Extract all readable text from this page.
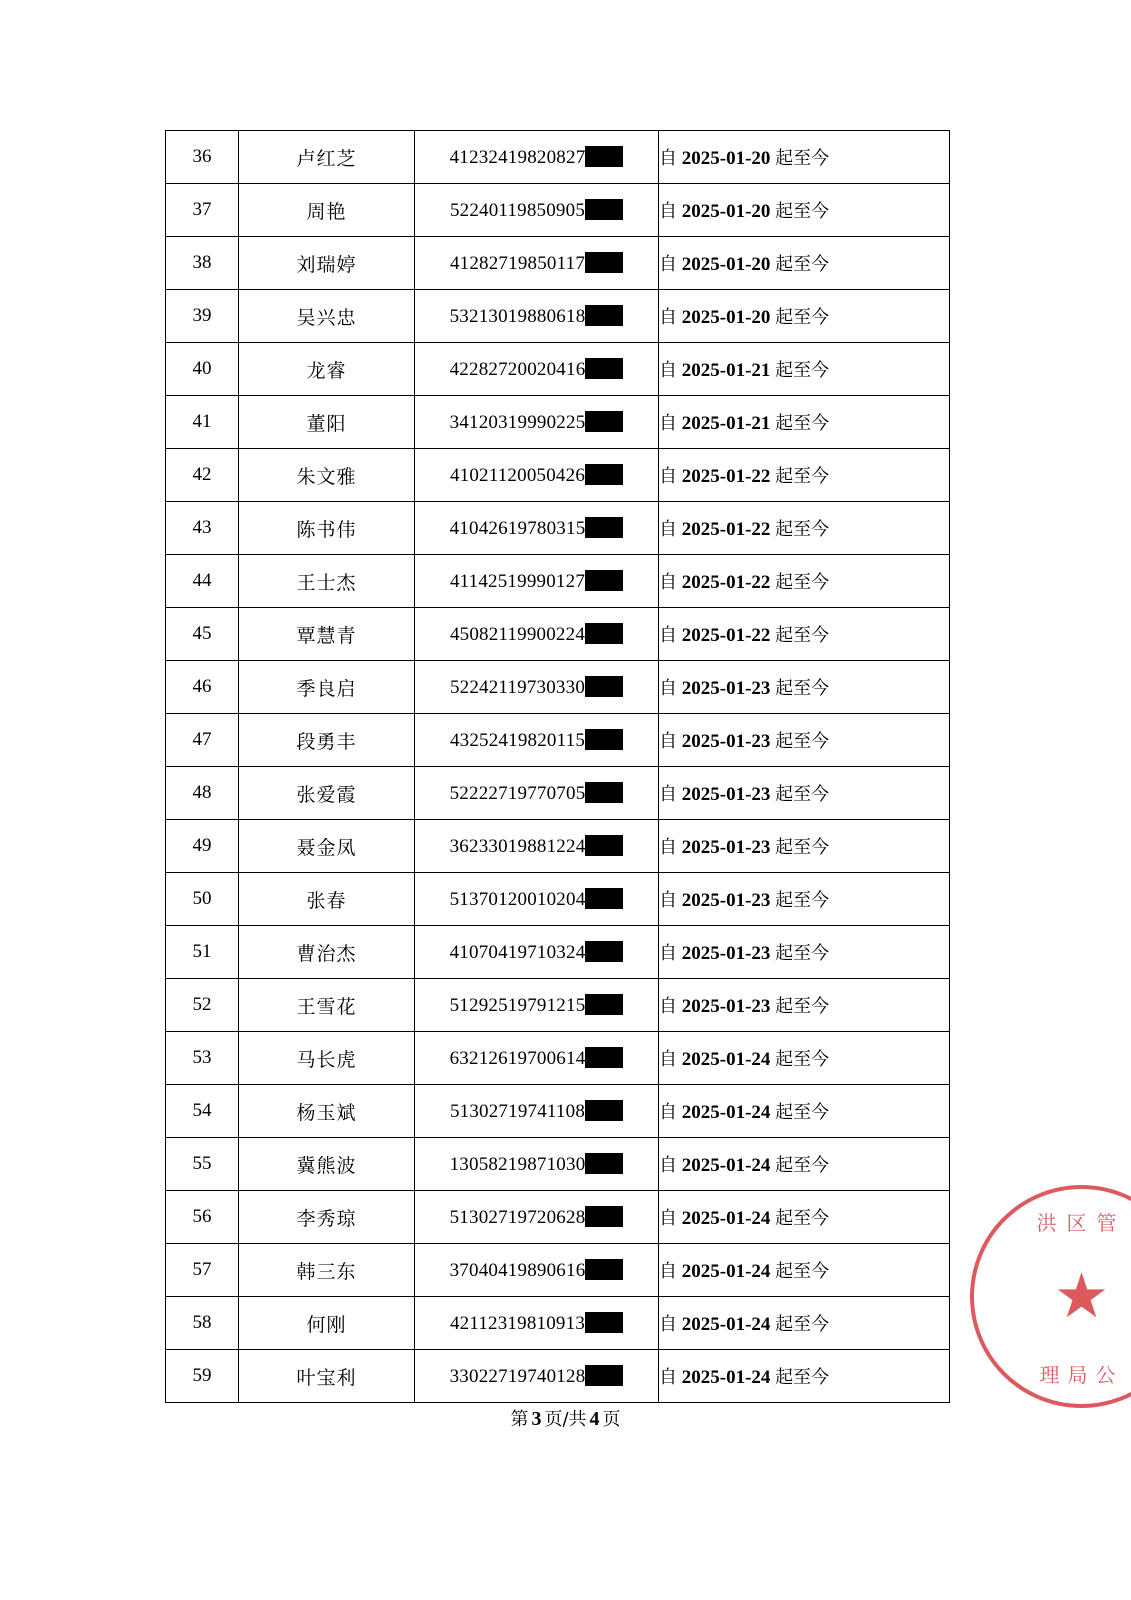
36	卢红芝	41232419820827	自 2025-01-20 起至今
37	周艳	52240119850905	自 2025-01-20 起至今
38	刘瑞婷	41282719850117	自 2025-01-20 起至今
39	吴兴忠	53213019880618	自 2025-01-20 起至今
40	龙睿	42282720020416	自 2025-01-21 起至今
41	董阳	34120319990225	自 2025-01-21 起至今
42	朱文雅	41021120050426	自 2025-01-22 起至今
43	陈书伟	41042619780315	自 2025-01-22 起至今
44	王士杰	41142519990127	自 2025-01-22 起至今
45	覃慧青	45082119900224	自 2025-01-22 起至今
46	季良启	52242119730330	自 2025-01-23 起至今
47	段勇丰	43252419820115	自 2025-01-23 起至今
48	张爱霞	52222719770705	自 2025-01-23 起至今
49	聂金凤	36233019881224	自 2025-01-23 起至今
50	张春	51370120010204	自 2025-01-23 起至今
51	曹治杰	41070419710324	自 2025-01-23 起至今
52	王雪花	51292519791215	自 2025-01-23 起至今
53	马长虎	63212619700614	自 2025-01-24 起至今
54	杨玉斌	51302719741108	自 2025-01-24 起至今
55	冀熊波	13058219871030	自 2025-01-24 起至今
56	李秀琼	51302719720628	自 2025-01-24 起至今
57	韩三东	37040419890616	自 2025-01-24 起至今
58	何刚	42112319810913	自 2025-01-24 起至今
59	叶宝利	33022719740128	自 2025-01-24 起至今
第 3 页/共 4 页
洪区管
★
理局公
